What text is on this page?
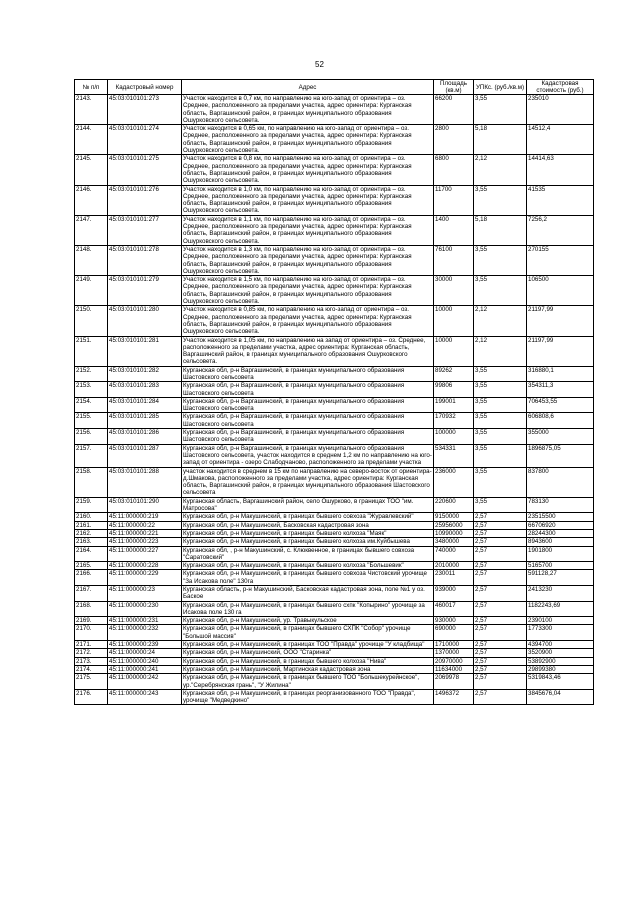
52
№ п/п	Кадастровый номер	Адрес	Площадь (кв.м)	УПКс. (руб./кв.м)	Кадастровая стоимость (руб.)
2143.	45:03:010101:273	Участок находится в 0,7 км, по направлению на юго-запад от ориентира – оз. Среднее, расположенного за пределами участка, адрес ориентира: Курганская область, Варгашинский район, в границах муниципального образования Ошурковского сельсовета.	66200	3,55	235010
2144.	45:03:010101:274	Участок находится в 0,65 км, по направлению на юго-запад от ориентира – оз. Среднее, расположенного за пределами участка, адрес ориентира: Курганская область, Варгашинский район, в границах муниципального образования Ошурковского сельсовета.	2800	5,18	14512,4
2145.	45:03:010101:275	Участок находится в 0,8 км, по направлению на юго-запад от ориентира – оз. Среднее, расположенного за пределами участка, адрес ориентира: Курганская область, Варгашинский район, в границах муниципального образования Ошурковского сельсовета.	6800	2,12	14414,63
2146.	45:03:010101:276	Участок находится в 1,0 км, по направлению на юго-запад от ориентира – оз. Среднее, расположенного за пределами участка, адрес ориентира: Курганская область, Варгашинский район, в границах муниципального образования Ошурковского сельсовета.	11700	3,55	41535
2147.	45:03:010101:277	Участок находится в 1,1 км, по направлению на юго-запад от ориентира – оз. Среднее, расположенного за пределами участка, адрес ориентира: Курганская область, Варгашинский район, в границах муниципального образования Ошурковского сельсовета.	1400	5,18	7256,2
2148.	45:03:010101:278	Участок находится в 1,3 км, по направлению на юго-запад от ориентира – оз. Среднее, расположенного за пределами участка, адрес ориентира: Курганская область, Варгашинский район, в границах муниципального образования Ошурковского сельсовета.	76100	3,55	270155
2149.	45:03:010101:279	Участок находится в 1,5 км, по направлению на юго-запад от ориентира – оз. Среднее, расположенного за пределами участка, адрес ориентира: Курганская область, Варгашинский район, в границах муниципального образования Ошурковского сельсовета.	30000	3,55	106500
2150.	45:03:010101:280	Участок находится в 0,85 км, по направлению на юго-запад от ориентира – оз. Среднее, расположенного за пределами участка, адрес ориентира: Курганская область, Варгашинский район, в границах муниципального образования Ошурковского сельсовета.	10000	2,12	21197,99
2151.	45:03:010101:281	Участок находится в 1,05 км, по направлению на запад от ориентира – оз. Среднее, расположенного за пределами участка, адрес ориентира: Курганская область, Варгашинский район, в границах муниципального образования Ошурковского сельсовета.	10000	2,12	21197,99
2152.	45:03:010101:282	Курганская обл, р-н Варгашинский, в границах муниципального образования Шастовского сельсовета	89262	3,55	316880,1
2153.	45:03:010101:283	Курганская обл, р-н Варгашинский, в границах муниципального образования Шастовского сельсовета	99806	3,55	354311,3
2154.	45:03:010101:284	Курганская обл, р-н Варгашинский, в границах муниципального образования Шастовского сельсовета	199001	3,55	706453,55
2155.	45:03:010101:285	Курганская обл, р-н Варгашинский, в границах муниципального образования Шастовского сельсовета	170932	3,55	606808,6
2156.	45:03:010101:286	Курганская обл, р-н Варгашинский, в границах муниципального образования Шастовского сельсовета	100000	3,55	355000
2157.	45:03:010101:287	Курганская обл, р-н Варгашинский, в границах муниципального образования Шастовского сельсовета, участок находится в среднем 1,2 км по направлению на юго-запад от ориентира - озеро Слабодчаново, расположенного за пределами участка	534331	3,55	1896875,05
2158.	45:03:010101:288	участок находится в среднем в 15 км по направлению на северо-восток от ориентира-д.Шмакова, расположенного за пределами участка, адрес ориентира: Курганская область, Варгашинский район, в границах муниципального образования Шастовского сельсовета	236000	3,55	837800
2159.	45:03:010101:290	Курганская область, Варгашинский район, село Ошурково, в границах ТОО "им. Матросова"	220600	3,55	783130
2160.	45:11:000000:219	Курганская обл, р-н Макушинский, в границах бывшего совхоза "Журавлевский"	9150000	2,57	23515500
2161.	45:11:000000:22	Курганская обл, р-н Макушинский, Басковская кадастровая зона	25956000	2,57	66706920
2162.	45:11:000000:221	Курганская обл, р-н Макушинский, в границах бывшего колхоза "Маяк"	10990000	2,57	28244300
2163.	45:11:000000:223	Курганская обл, р-н Макушинский, в границах бывшего колхоза им.Куйбышева	3480000	2,57	8943600
2164.	45:11:000000:227	Курганская обл, , р-н Макушинский, с. Клюквенное, в границах бывшего совхоза "Саратовский"	740000	2,57	1901800
2165.	45:11:000000:228	Курганская обл, р-н Макушинский, в границах бывшего колхоза "Большевик"	2010000	2,57	5165700
2166.	45:11:000000:229	Курганская обл, р-н Макушинский, в границах бывшего совхоза Чистовский урочище "За Исакова поле" 130га	230011	2,57	591128,27
2167.	45:11:000000:23	Курганская область, р-н Макушинский, Басковская кадастровая зона, поле №1 у оз. Баское	939000	2,57	2413230
2168.	45:11:000000:230	Курганская обл, р-н Макушинский, в границах бывшего схпк "Копырино" урочище за Исакова поле 130 га	460017	2,57	1182243,69
2169.	45:11:000000:231	Курганская обл, р-н Макушинский, ур. Травыкульское	930000	2,57	2390100
2170.	45:11:000000:232	Курганская обл, р-н Макушинский, в границах бывшего СХПК "Собор" урочище "Большой массив"	690000	2,57	1773300
2171.	45:11:000000:239	Курганская обл, р-н Макушинский, в границах ТОО "Правда" урочище "У кладбища"	1710000	2,57	4394700
2172.	45:11:000000:24	Курганская обл, р-н Макушинский, ООО "Старинка"	1370000	2,57	3520900
2173.	45:11:000000:240	Курганская обл, р-н Макушинский, в границах бывшего колхоза "Нива"	20970000	2,57	53892900
2174.	45:11:000000:241	Курганская обл, р-н Макушинский, Мартинская кадастровая зона	11634000	2,57	29899380
2175.	45:11:000000:242	Курганская обл, р-н Макушинский, в границах бывшего ТОО "Большекурейнское", ур."Серебрянская грань", "У Жилина"	2069978	2,57	5319843,46
2176.	45:11:000000:243	Курганская обл, р-н Макушинский, в границах реорганизованного ТОО "Правда", урочище "Медведкино"	1496372	2,57	3845676,04
